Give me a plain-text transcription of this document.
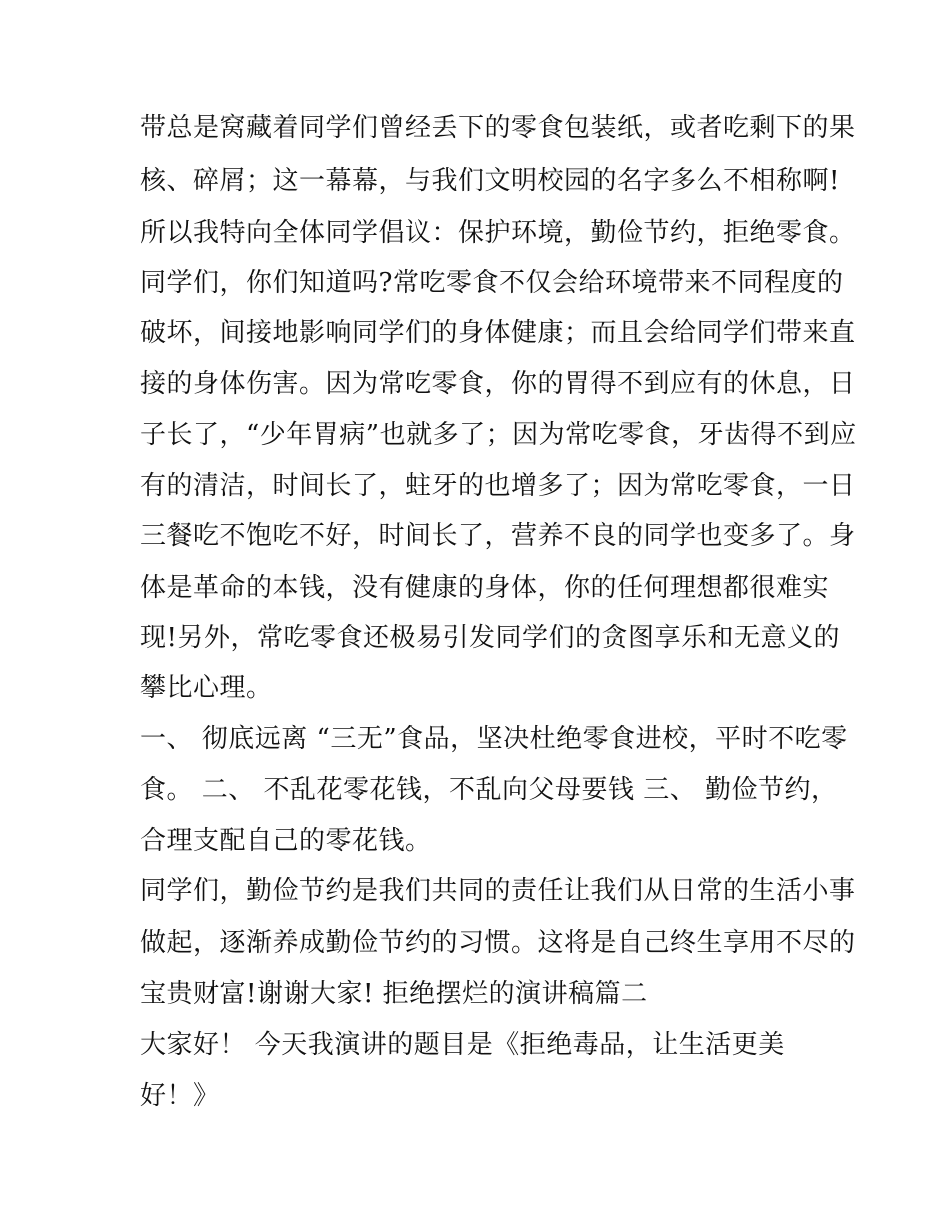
带总是窝藏着同学们曾经丢下的零食包装纸，或者吃剩下的果

核、碎屑；这一幕幕，与我们文明校园的名字多么不相称啊!

所以我特向全体同学倡议：保护环境，勤俭节约，拒绝零食。

同学们，你们知道吗?常吃零食不仅会给环境带来不同程度的

破坏，间接地影响同学们的身体健康；而且会给同学们带来直

接的身体伤害。因为常吃零食，你的胃得不到应有的休息，日

子长了，“少年胃病”也就多了；因为常吃零食，牙齿得不到应

有的清洁，时间长了，蛀牙的也增多了；因为常吃零食，一日

三餐吃不饱吃不好，时间长了，营养不良的同学也变多了。身

体是革命的本钱，没有健康的身体，你的任何理想都很难实

现!另外，常吃零食还极易引发同学们的贪图享乐和无意义的

攀比心理。

一、 彻底远离 “三无”食品，坚决杜绝零食进校，平时不吃零

食。 二、 不乱花零花钱，不乱向父母要钱 三、 勤俭节约，

合理支配自己的零花钱。

同学们，勤俭节约是我们共同的责任让我们从日常的生活小事

做起，逐渐养成勤俭节约的习惯。这将是自己终生享用不尽的

宝贵财富!谢谢大家! 拒绝摆烂的演讲稿篇二

大家好！ 今天我演讲的题目是《拒绝毒品，让生活更美

好！》
